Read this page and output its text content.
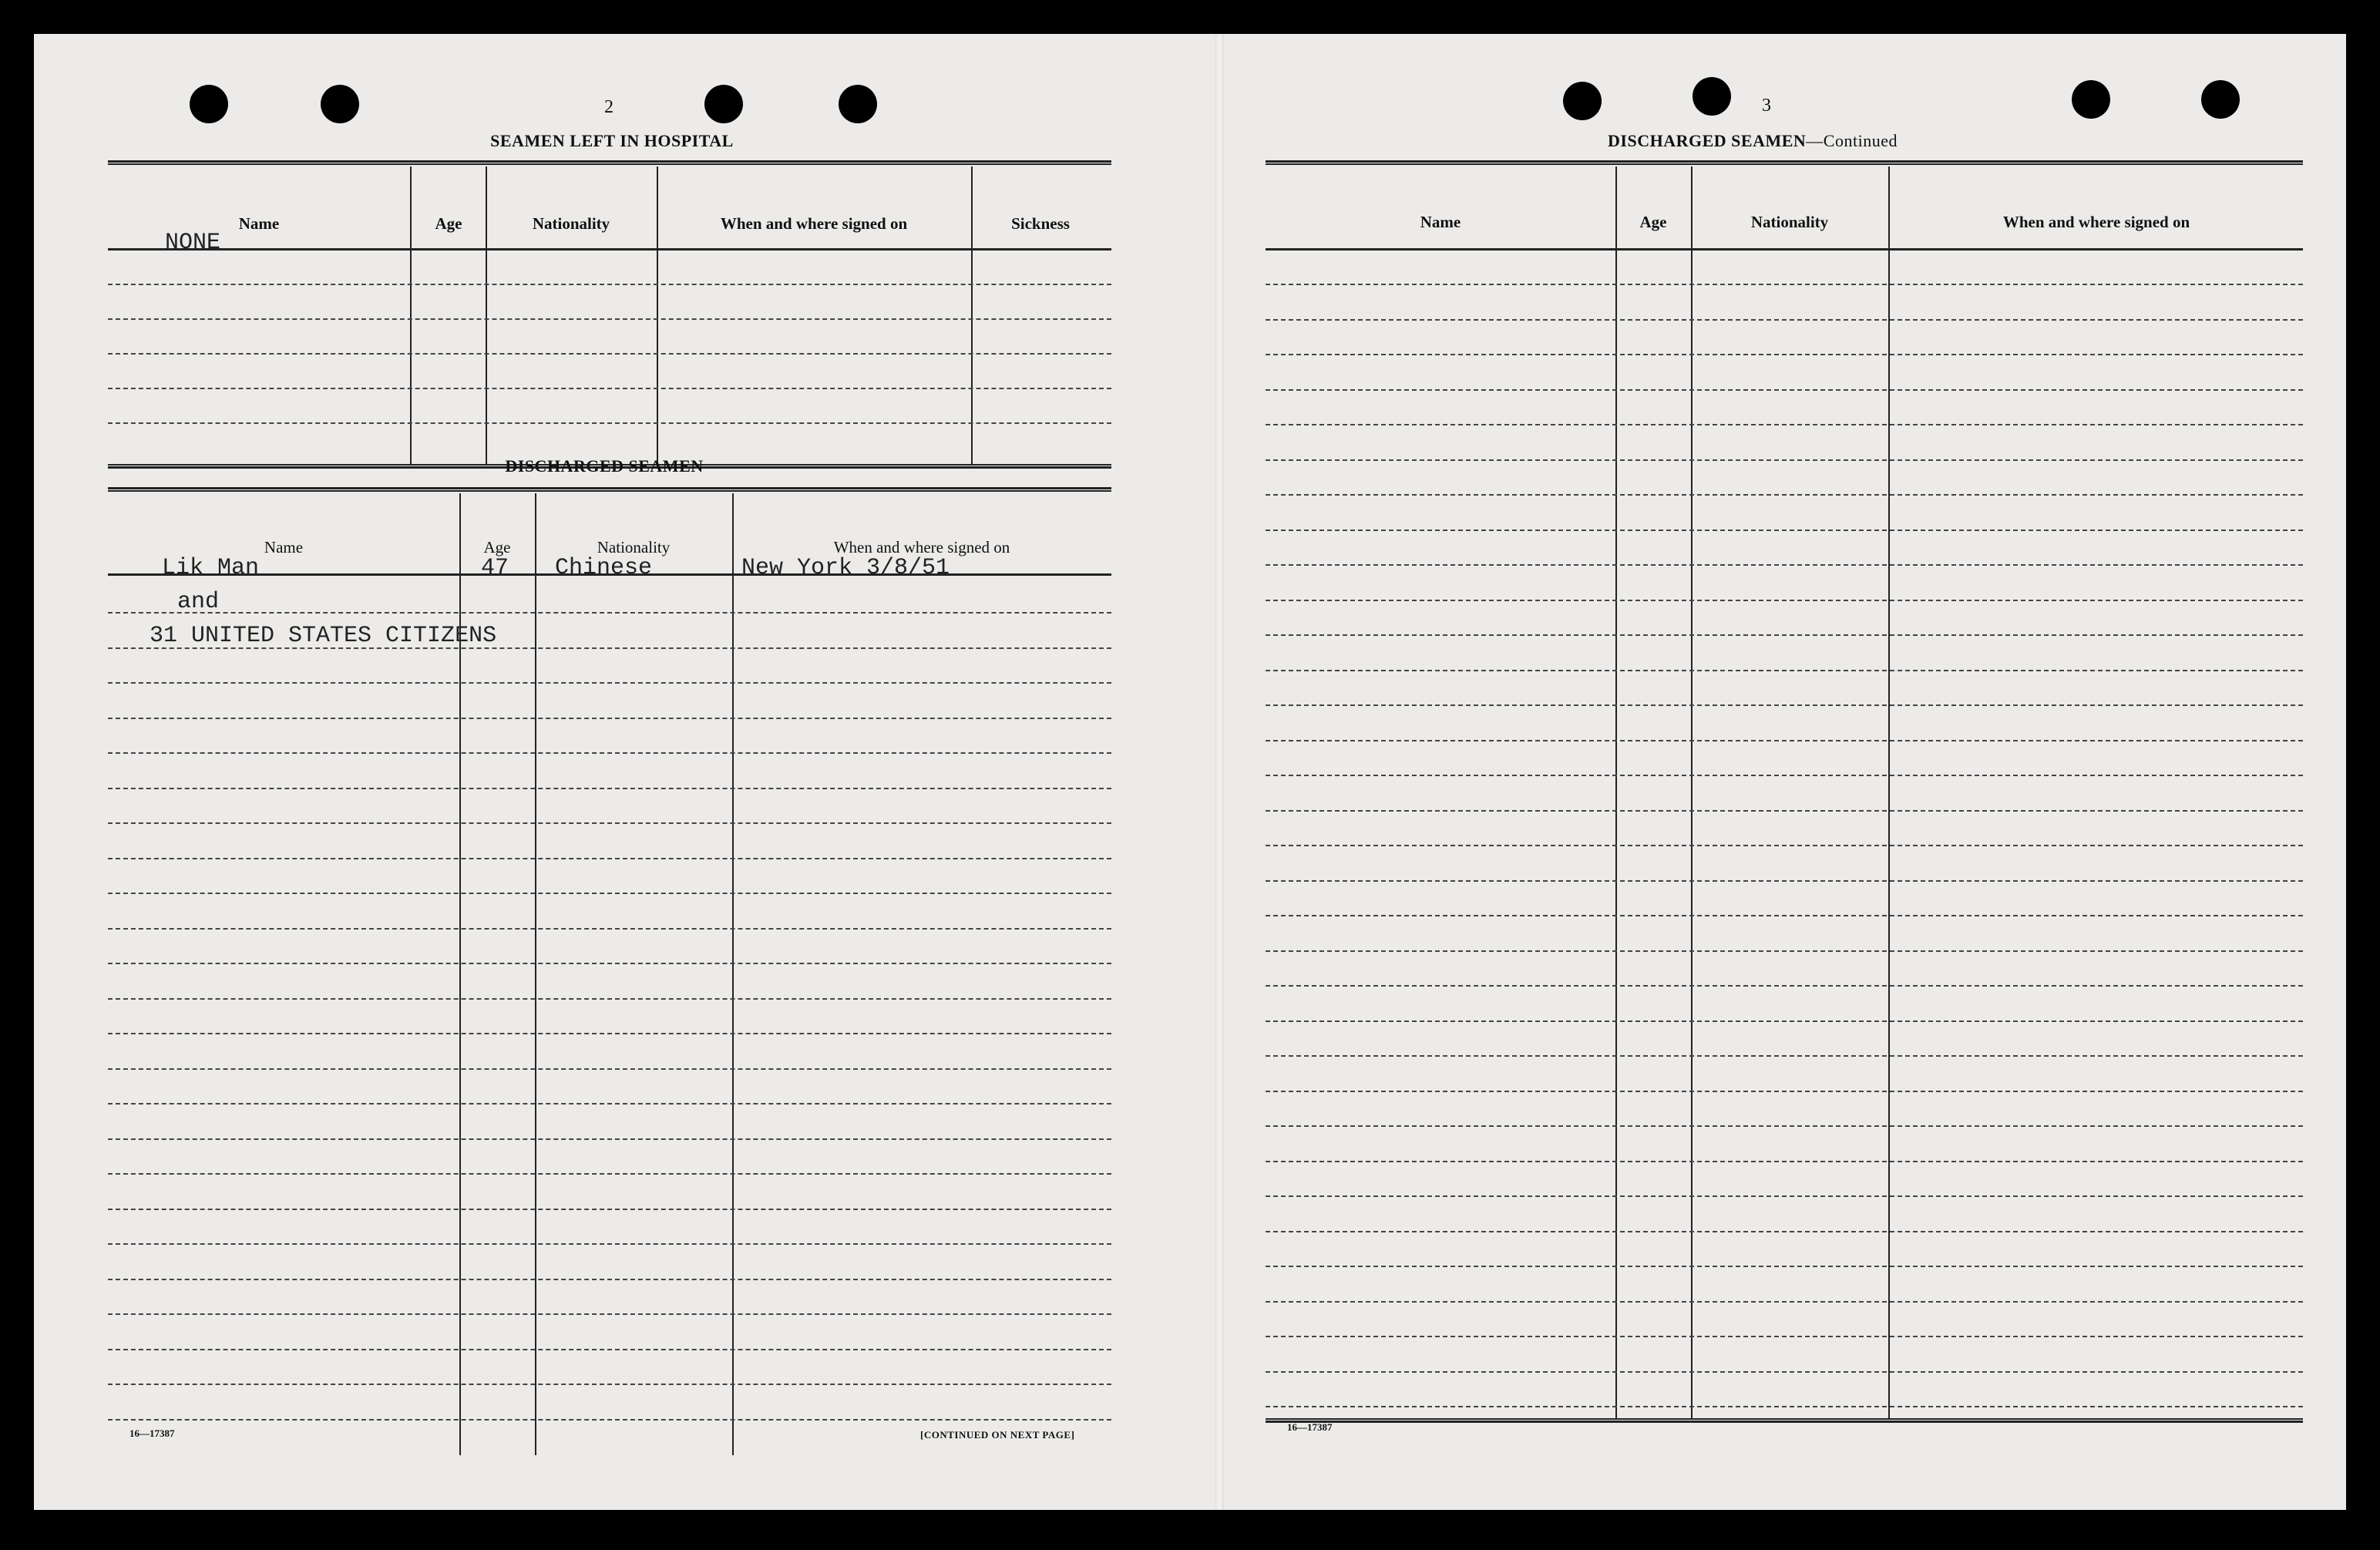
2
SEAMEN LEFT IN HOSPITAL
Name	Age	Nationality	When and where signed on	Sickness
NONE
DISCHARGED SEAMEN
Name	Age	Nationality	When and where signed on
Lik Man	47 Chinese	New York 3/8/51
and
31 UNITED STATES CITIZENS
16—17387	[CONTINUED ON NEXT PAGE]
3
DISCHARGED SEAMEN—Continued
Name	Age	Nationality	When and where signed on
16—17387
